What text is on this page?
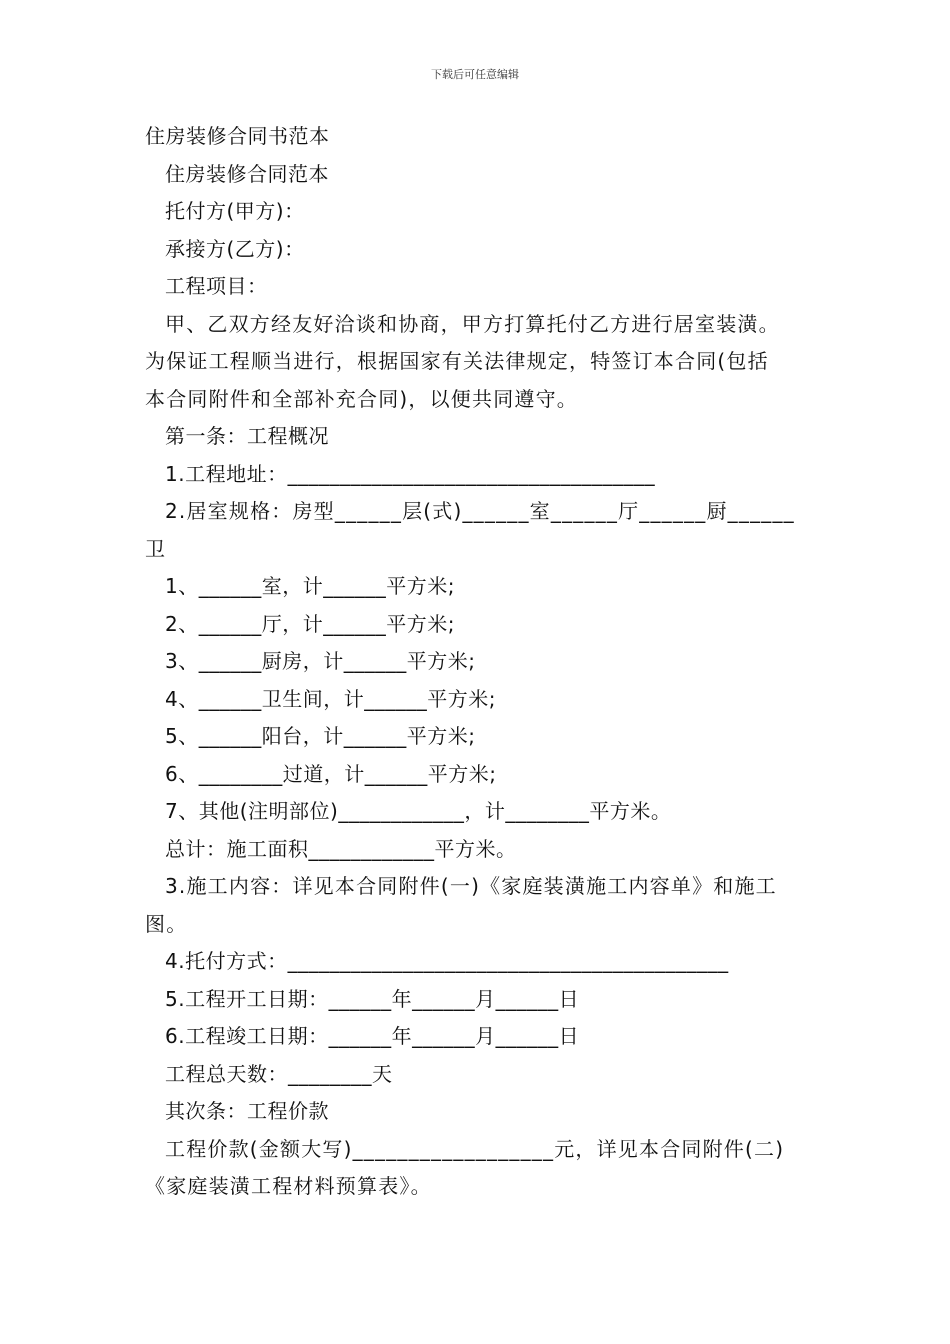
下载后可任意编辑
住房装修合同书范本
住房装修合同范本
托付方(甲方)：
承接方(乙方)：
工程项目：
甲、乙双方经友好洽谈和协商，甲方打算托付乙方进行居室装潢。
为保证工程顺当进行，根据国家有关法律规定，特签订本合同(包括
本合同附件和全部补充合同)，以便共同遵守。
第一条：工程概况
1.工程地址：___________________________________
2.居室规格：房型______层(式)______室______厅______厨______
卫
1、______室，计______平方米;
2、______厅，计______平方米;
3、______厨房，计______平方米;
4、______卫生间，计______平方米;
5、______阳台，计______平方米;
6、________过道，计______平方米;
7、其他(注明部位)____________，计________平方米。
总计：施工面积____________平方米。
3.施工内容：详见本合同附件(一)《家庭装潢施工内容单》和施工
图。
4.托付方式：__________________________________________
5.工程开工日期：______年______月______日
6.工程竣工日期：______年______月______日
工程总天数：________天
其次条：工程价款
工程价款(金额大写)__________________元，详见本合同附件(二)
《家庭装潢工程材料预算表》。
